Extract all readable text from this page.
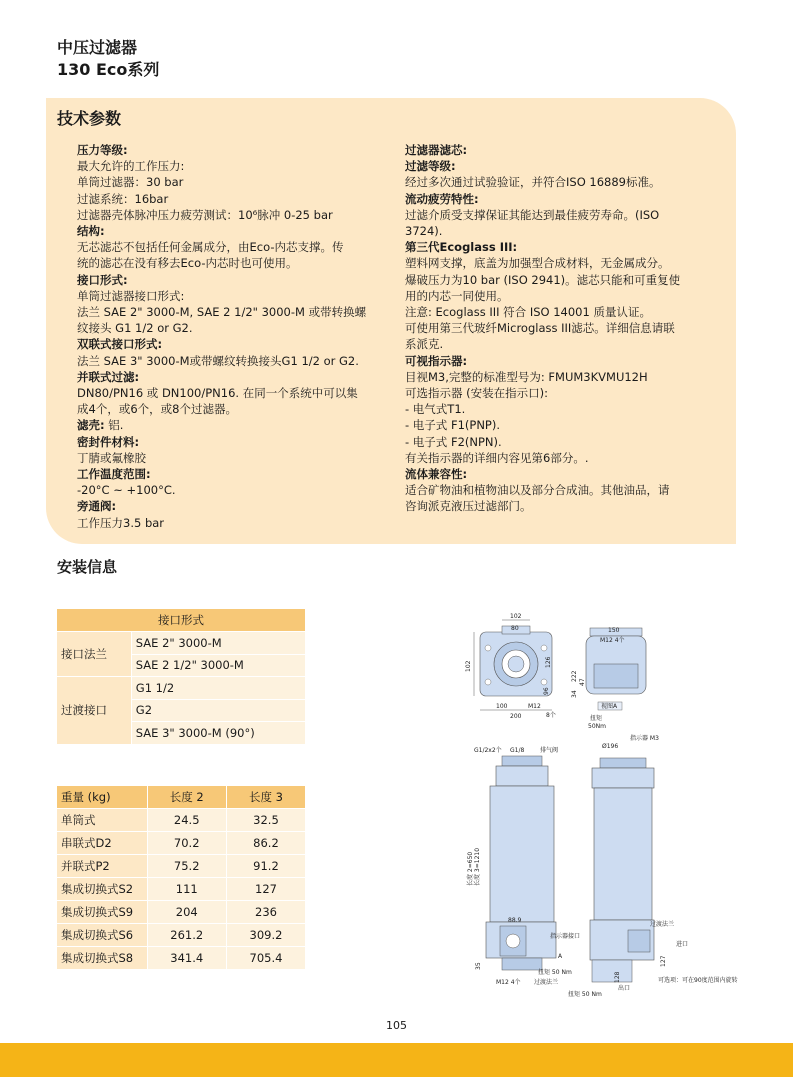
中压过滤器
130 Eco系列
技术参数
压力等级:
最大允许的工作压力:
单筒过滤器：30 bar
过滤系统：16bar
过滤器壳体脉冲压力疲劳测试：10⁶脉冲 0-25 bar
结构:
无芯滤芯不包括任何金属成分，由Eco-内芯支撑。传
统的滤芯在没有移去Eco-内芯时也可使用。
接口形式:
单筒过滤器接口形式:
法兰 SAE 2" 3000-M, SAE 2 1/2" 3000-M 或带转换螺
纹接头 G1 1/2 or G2.
双联式接口形式:
法兰 SAE 3" 3000-M或带螺纹转换接头G1 1/2 or G2.
并联式过滤:
DN80/PN16 或 DN100/PN16. 在同一个系统中可以集
成4个，或6个，或8个过滤器。
滤壳: 铝.
密封件材料:
丁腈或氟橡胶
工作温度范围:
-20°C ~ +100°C.
旁通阀:
工作压力3.5 bar
过滤器滤芯:
过滤等级:
经过多次通过试验验证，并符合ISO 16889标准。
流动疲劳特性:
过滤介质受支撑保证其能达到最佳疲劳寿命。(ISO
3724).
第三代Ecoglass III:
塑料网支撑，底盖为加强型合成材料，无金属成分。
爆破压力为10 bar (ISO 2941)。滤芯只能和可重复使
用的内芯一同使用。
注意: Ecoglass III 符合 ISO 14001 质量认证。
可使用第三代玻纤Microglass III滤芯。详细信息请联
系派克.
可视指示器:
目视M3,完整的标准型号为: FMUM3KVMU12H
可选指示器 (安装在指示口):
- 电气式T1.
- 电子式 F1(PNP).
- 电子式 F2(NPN).
有关指示器的详细内容见第6部分。.
流体兼容性:
适合矿物油和植物油以及部分合成油。其他油品，请
咨询派克液压过滤部门。
安装信息
接口形式	
接口法兰	SAE 2" 3000-M
	SAE 2 1/2" 3000-M
过渡接口	G1 1/2
	G2
	SAE 3" 3000-M (90°)
重量 (kg)	长度 2	长度 3
单筒式	24.5	32.5
串联式D2	70.2	86.2
并联式P2	75.2	91.2
集成切换式S2	111	127
集成切换式S9	204	236
集成切换式S6	261.2	309.2
集成切换式S8	341.4	705.4
102
80
102	126
96
100
200
M12
8个
150
M12 4个
222
34
47
视图A
扭矩
50Nm
G1/2x2个 G1/8	排气阀
长度 2=650 长度 3=1210
88.9
35
M12 4个 过渡法兰
扭矩 50 Nm
指示器 M3
Ø196
指示器接口
A
过渡法兰
进口
出口
128
127
可选项：可在90度范围内旋转
扭矩 50 Nm
105
